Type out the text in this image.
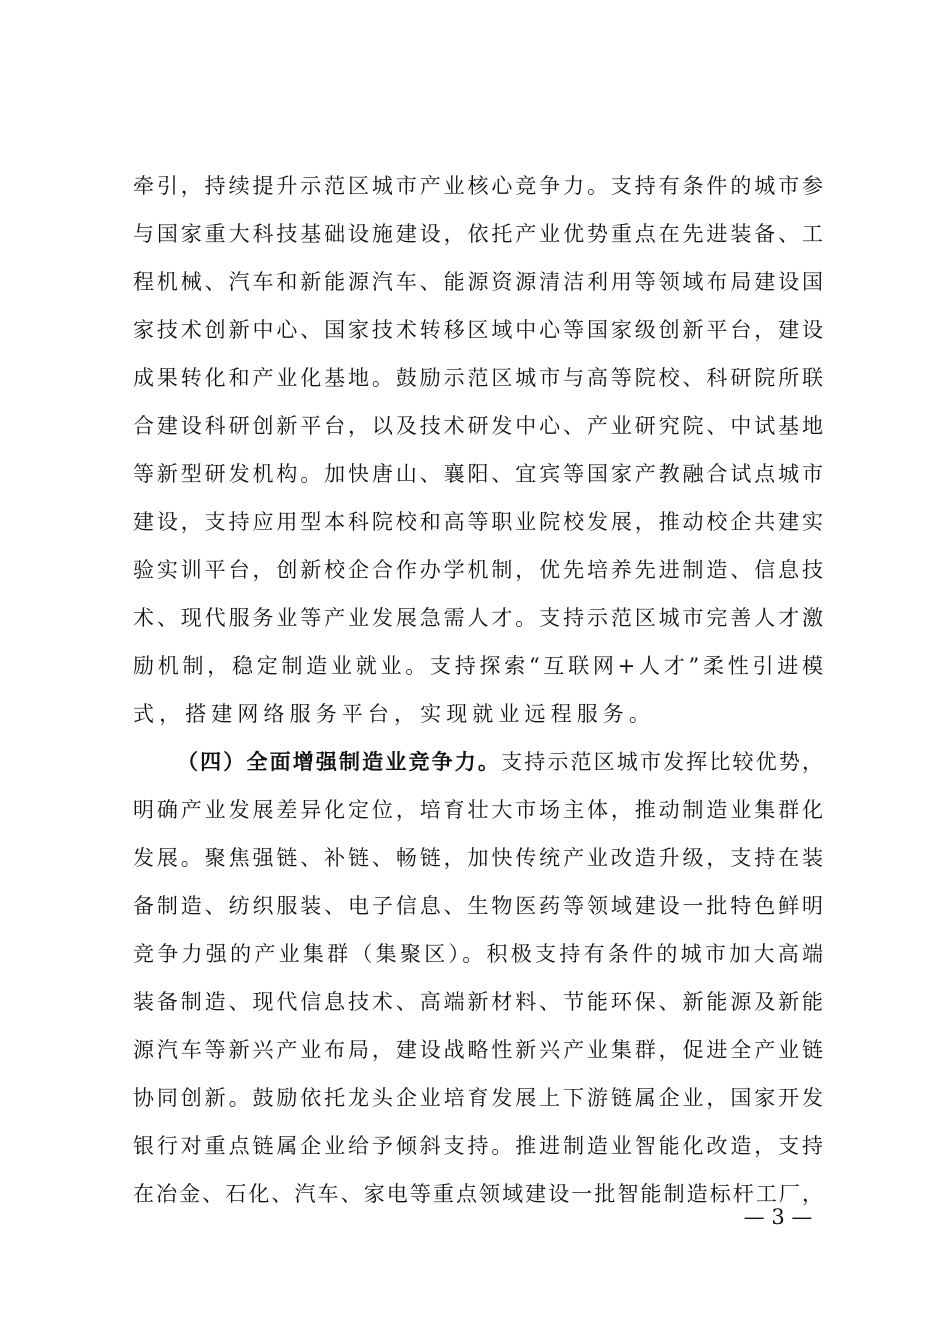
牵引，持续提升示范区城市产业核心竞争力。支持有条件的城市参
与国家重大科技基础设施建设，依托产业优势重点在先进装备、工
程机械、汽车和新能源汽车、能源资源清洁利用等领域布局建设国
家技术创新中心、国家技术转移区域中心等国家级创新平台，建设
成果转化和产业化基地。鼓励示范区城市与高等院校、科研院所联
合建设科研创新平台，以及技术研发中心、产业研究院、中试基地
等新型研发机构。加快唐山、襄阳、宜宾等国家产教融合试点城市
建设，支持应用型本科院校和高等职业院校发展，推动校企共建实
验实训平台，创新校企合作办学机制，优先培养先进制造、信息技
术、现代服务业等产业发展急需人才。支持示范区城市完善人才激
励机制，稳定制造业就业。支持探索“互联网+人才”柔性引进模
式，搭建网络服务平台，实现就业远程服务。
（四）全面增强制造业竞争力。支持示范区城市发挥比较优势，
明确产业发展差异化定位，培育壮大市场主体，推动制造业集群化
发展。聚焦强链、补链、畅链，加快传统产业改造升级，支持在装
备制造、纺织服装、电子信息、生物医药等领域建设一批特色鲜明
竞争力强的产业集群（集聚区）。积极支持有条件的城市加大高端
装备制造、现代信息技术、高端新材料、节能环保、新能源及新能
源汽车等新兴产业布局，建设战略性新兴产业集群，促进全产业链
协同创新。鼓励依托龙头企业培育发展上下游链属企业，国家开发
银行对重点链属企业给予倾斜支持。推进制造业智能化改造，支持
在冶金、石化、汽车、家电等重点领域建设一批智能制造标杆工厂，
— 3 —
